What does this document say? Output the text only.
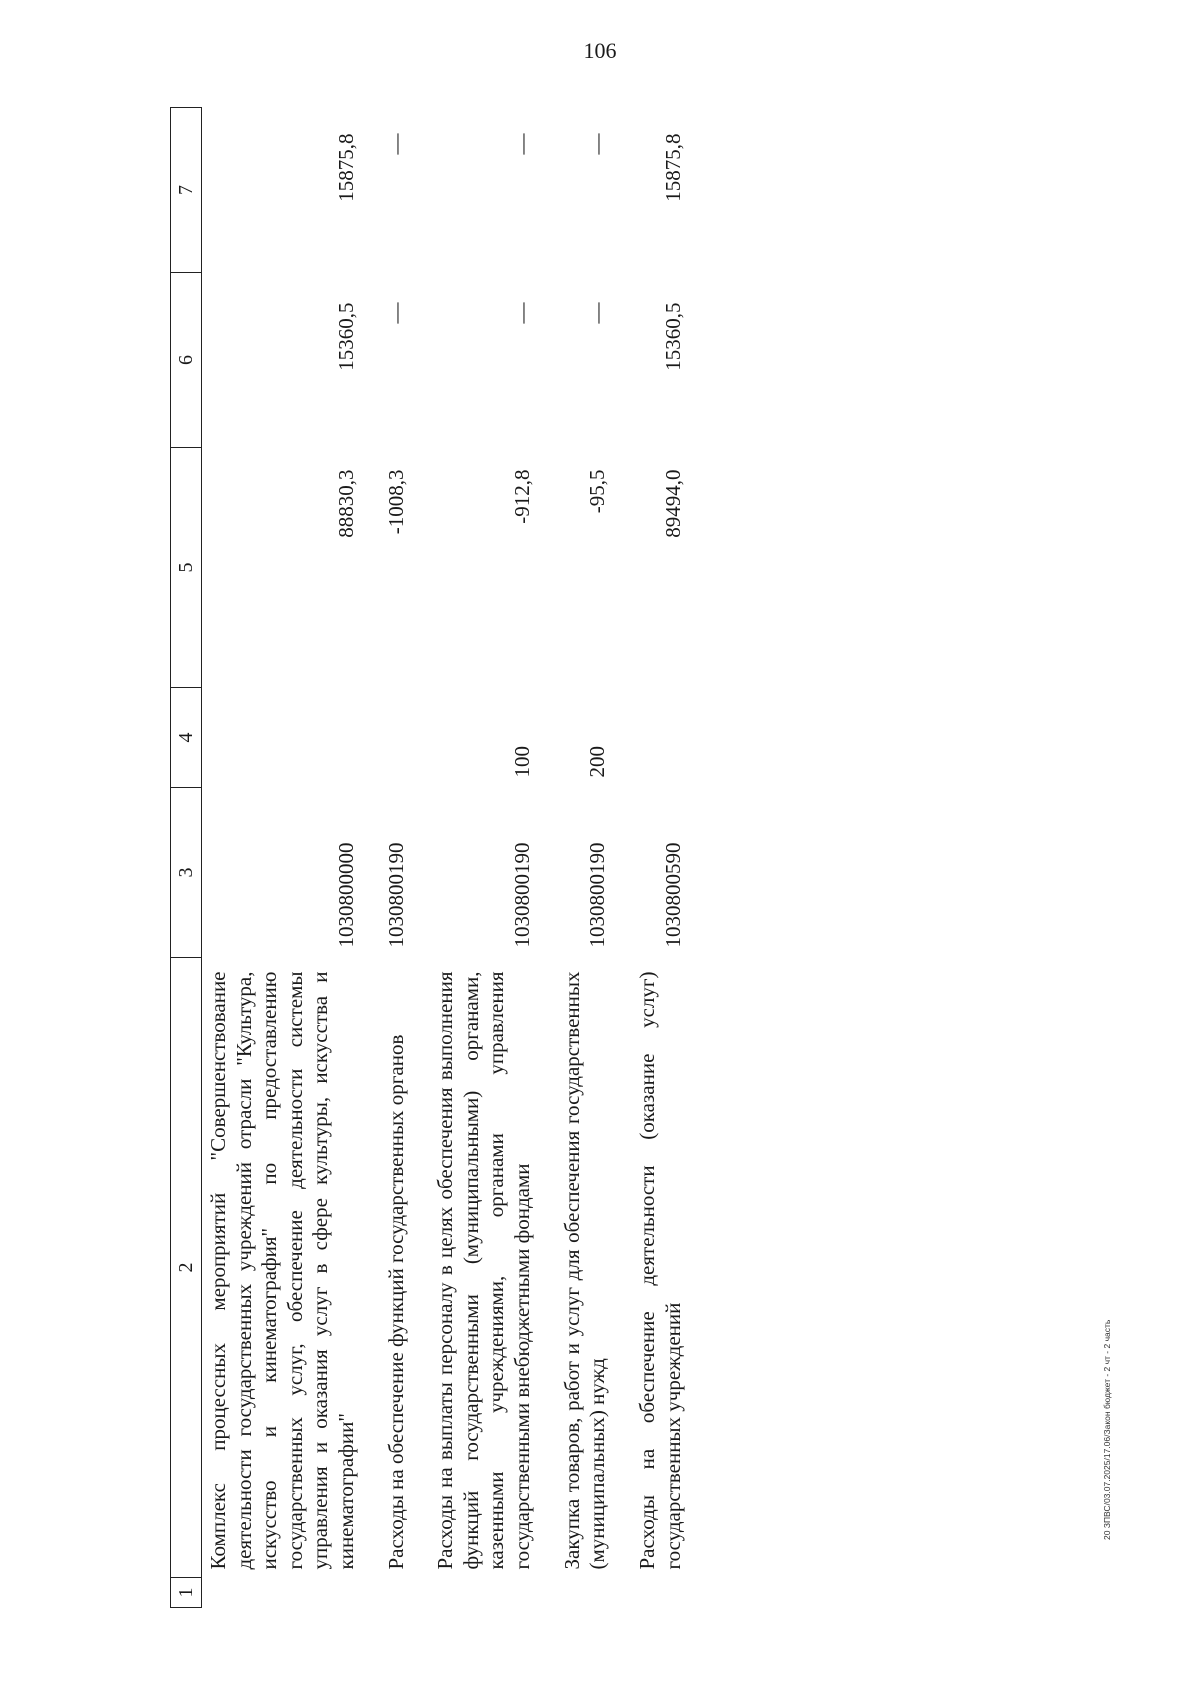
106
1	2	3	4	5	6	7
	Комплекс процессных мероприятий "Совершенствование деятельности государственных учреждений отрасли "Культура, искусство и кинематография" по предоставлению государственных услуг, обеспечение деятельности системы управления и оказания услуг в сфере культуры, искусства и кинематографии"	1030800000		88830,3	15360,5	15875,8
	Расходы на обеспечение функций государственных органов	1030800190		-1008,3	—	—
	Расходы на выплаты персоналу в целях обеспечения выполнения функций государственными (муниципальными) органами, казенными учреждениями, органами управления государственными внебюджетными фондами	1030800190	100	-912,8	—	—
	Закупка товаров, работ и услуг для обеспечения государственных (муниципальных) нужд	1030800190	200	-95,5	—	—
	Расходы на обеспечение деятельности (оказание услуг) государственных учреждений	1030800590		89494,0	15360,5	15875,8
20 ЗПВС/03.07.2025/17.06/Закон бюджет - 2 чт - 2 часть
